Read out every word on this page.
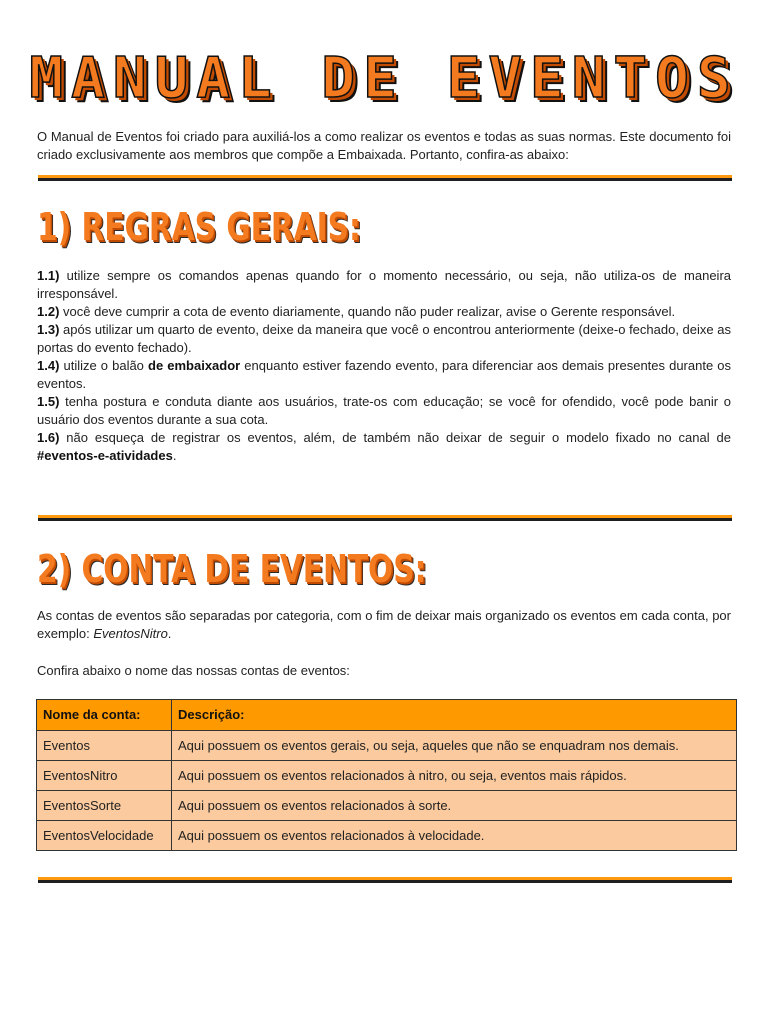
MANUAL DE EVENTOS

O Manual de Eventos foi criado para auxiliá-los a como realizar os eventos e todas as suas normas. Este documento foi criado exclusivamente aos membros que compõe a Embaixada. Portanto, confira-as abaixo:

1) REGRAS GERAIS:
1.1) utilize sempre os comandos apenas quando for o momento necessário, ou seja, não utiliza-os de maneira irresponsável.
1.2) você deve cumprir a cota de evento diariamente, quando não puder realizar, avise o Gerente responsável.
1.3) após utilizar um quarto de evento, deixe da maneira que você o encontrou anteriormente (deixe-o fechado, deixe as portas do evento fechado).
1.4) utilize o balão de embaixador enquanto estiver fazendo evento, para diferenciar aos demais presentes durante os eventos.
1.5) tenha postura e conduta diante aos usuários, trate-os com educação; se você for ofendido, você pode banir o usuário dos eventos durante a sua cota.
1.6) não esqueça de registrar os eventos, além, de também não deixar de seguir o modelo fixado no canal de #eventos-e-atividades.
2) CONTA DE EVENTOS:

As contas de eventos são separadas por categoria, com o fim de deixar mais organizado os eventos em cada conta, por exemplo: EventosNitro.

Confira abaixo o nome das nossas contas de eventos:

Nome da conta:	Descrição:
Eventos	Aqui possuem os eventos gerais, ou seja, aqueles que não se enquadram nos demais.
EventosNitro	Aqui possuem os eventos relacionados à nitro, ou seja, eventos mais rápidos.
EventosSorte	Aqui possuem os eventos relacionados à sorte.
EventosVelocidade	Aqui possuem os eventos relacionados à velocidade.
